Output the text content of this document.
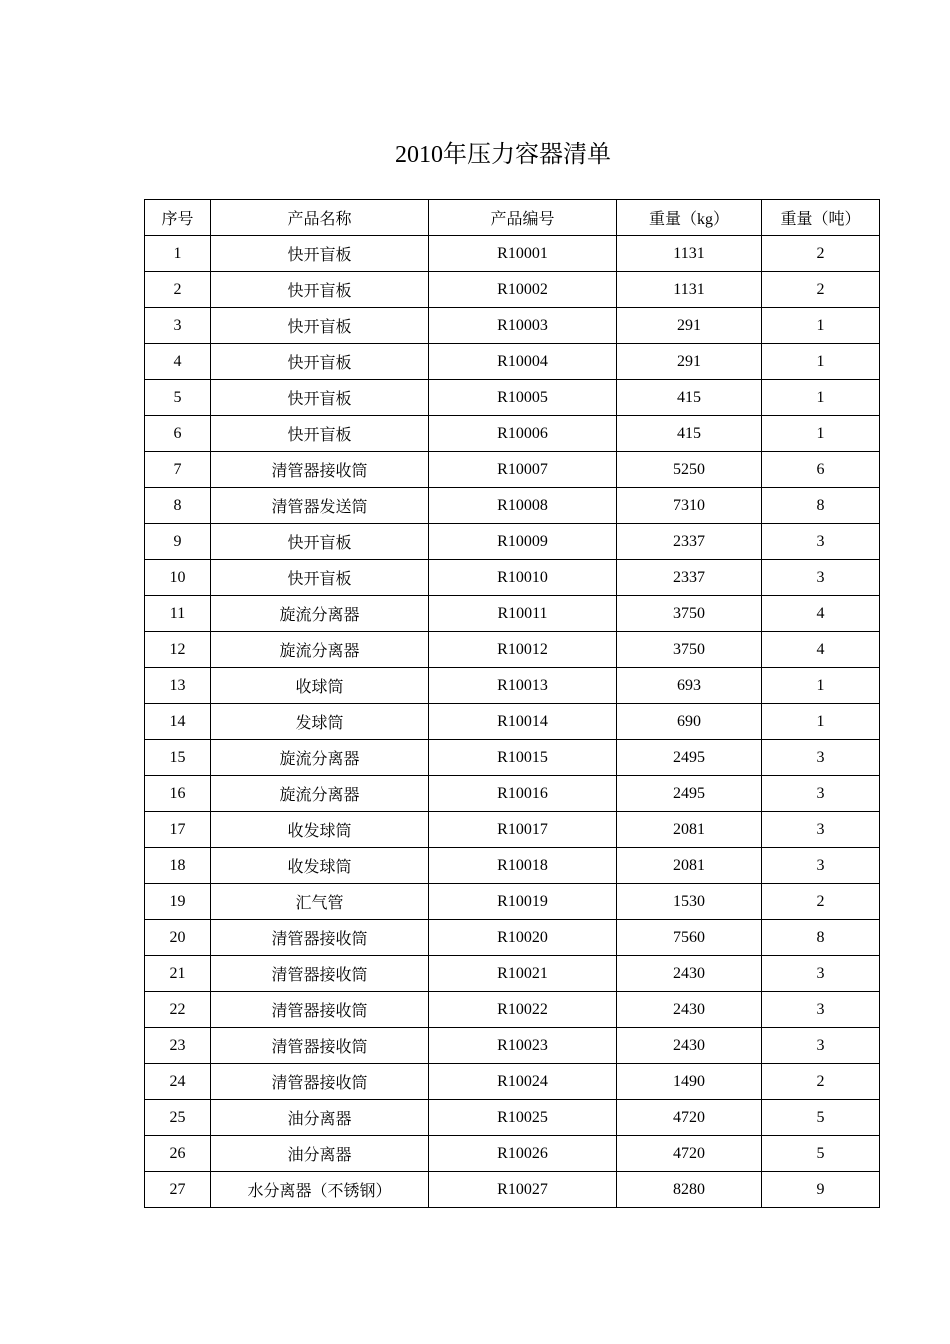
2010年压力容器清单
序号	产品名称	产品编号	重量（kg）	重量（吨）
1	快开盲板	R10001	1131	2
2	快开盲板	R10002	1131	2
3	快开盲板	R10003	291	1
4	快开盲板	R10004	291	1
5	快开盲板	R10005	415	1
6	快开盲板	R10006	415	1
7	清管器接收筒	R10007	5250	6
8	清管器发送筒	R10008	7310	8
9	快开盲板	R10009	2337	3
10	快开盲板	R10010	2337	3
11	旋流分离器	R10011	3750	4
12	旋流分离器	R10012	3750	4
13	收球筒	R10013	693	1
14	发球筒	R10014	690	1
15	旋流分离器	R10015	2495	3
16	旋流分离器	R10016	2495	3
17	收发球筒	R10017	2081	3
18	收发球筒	R10018	2081	3
19	汇气管	R10019	1530	2
20	清管器接收筒	R10020	7560	8
21	清管器接收筒	R10021	2430	3
22	清管器接收筒	R10022	2430	3
23	清管器接收筒	R10023	2430	3
24	清管器接收筒	R10024	1490	2
25	油分离器	R10025	4720	5
26	油分离器	R10026	4720	5
27	水分离器（不锈钢）	R10027	8280	9
